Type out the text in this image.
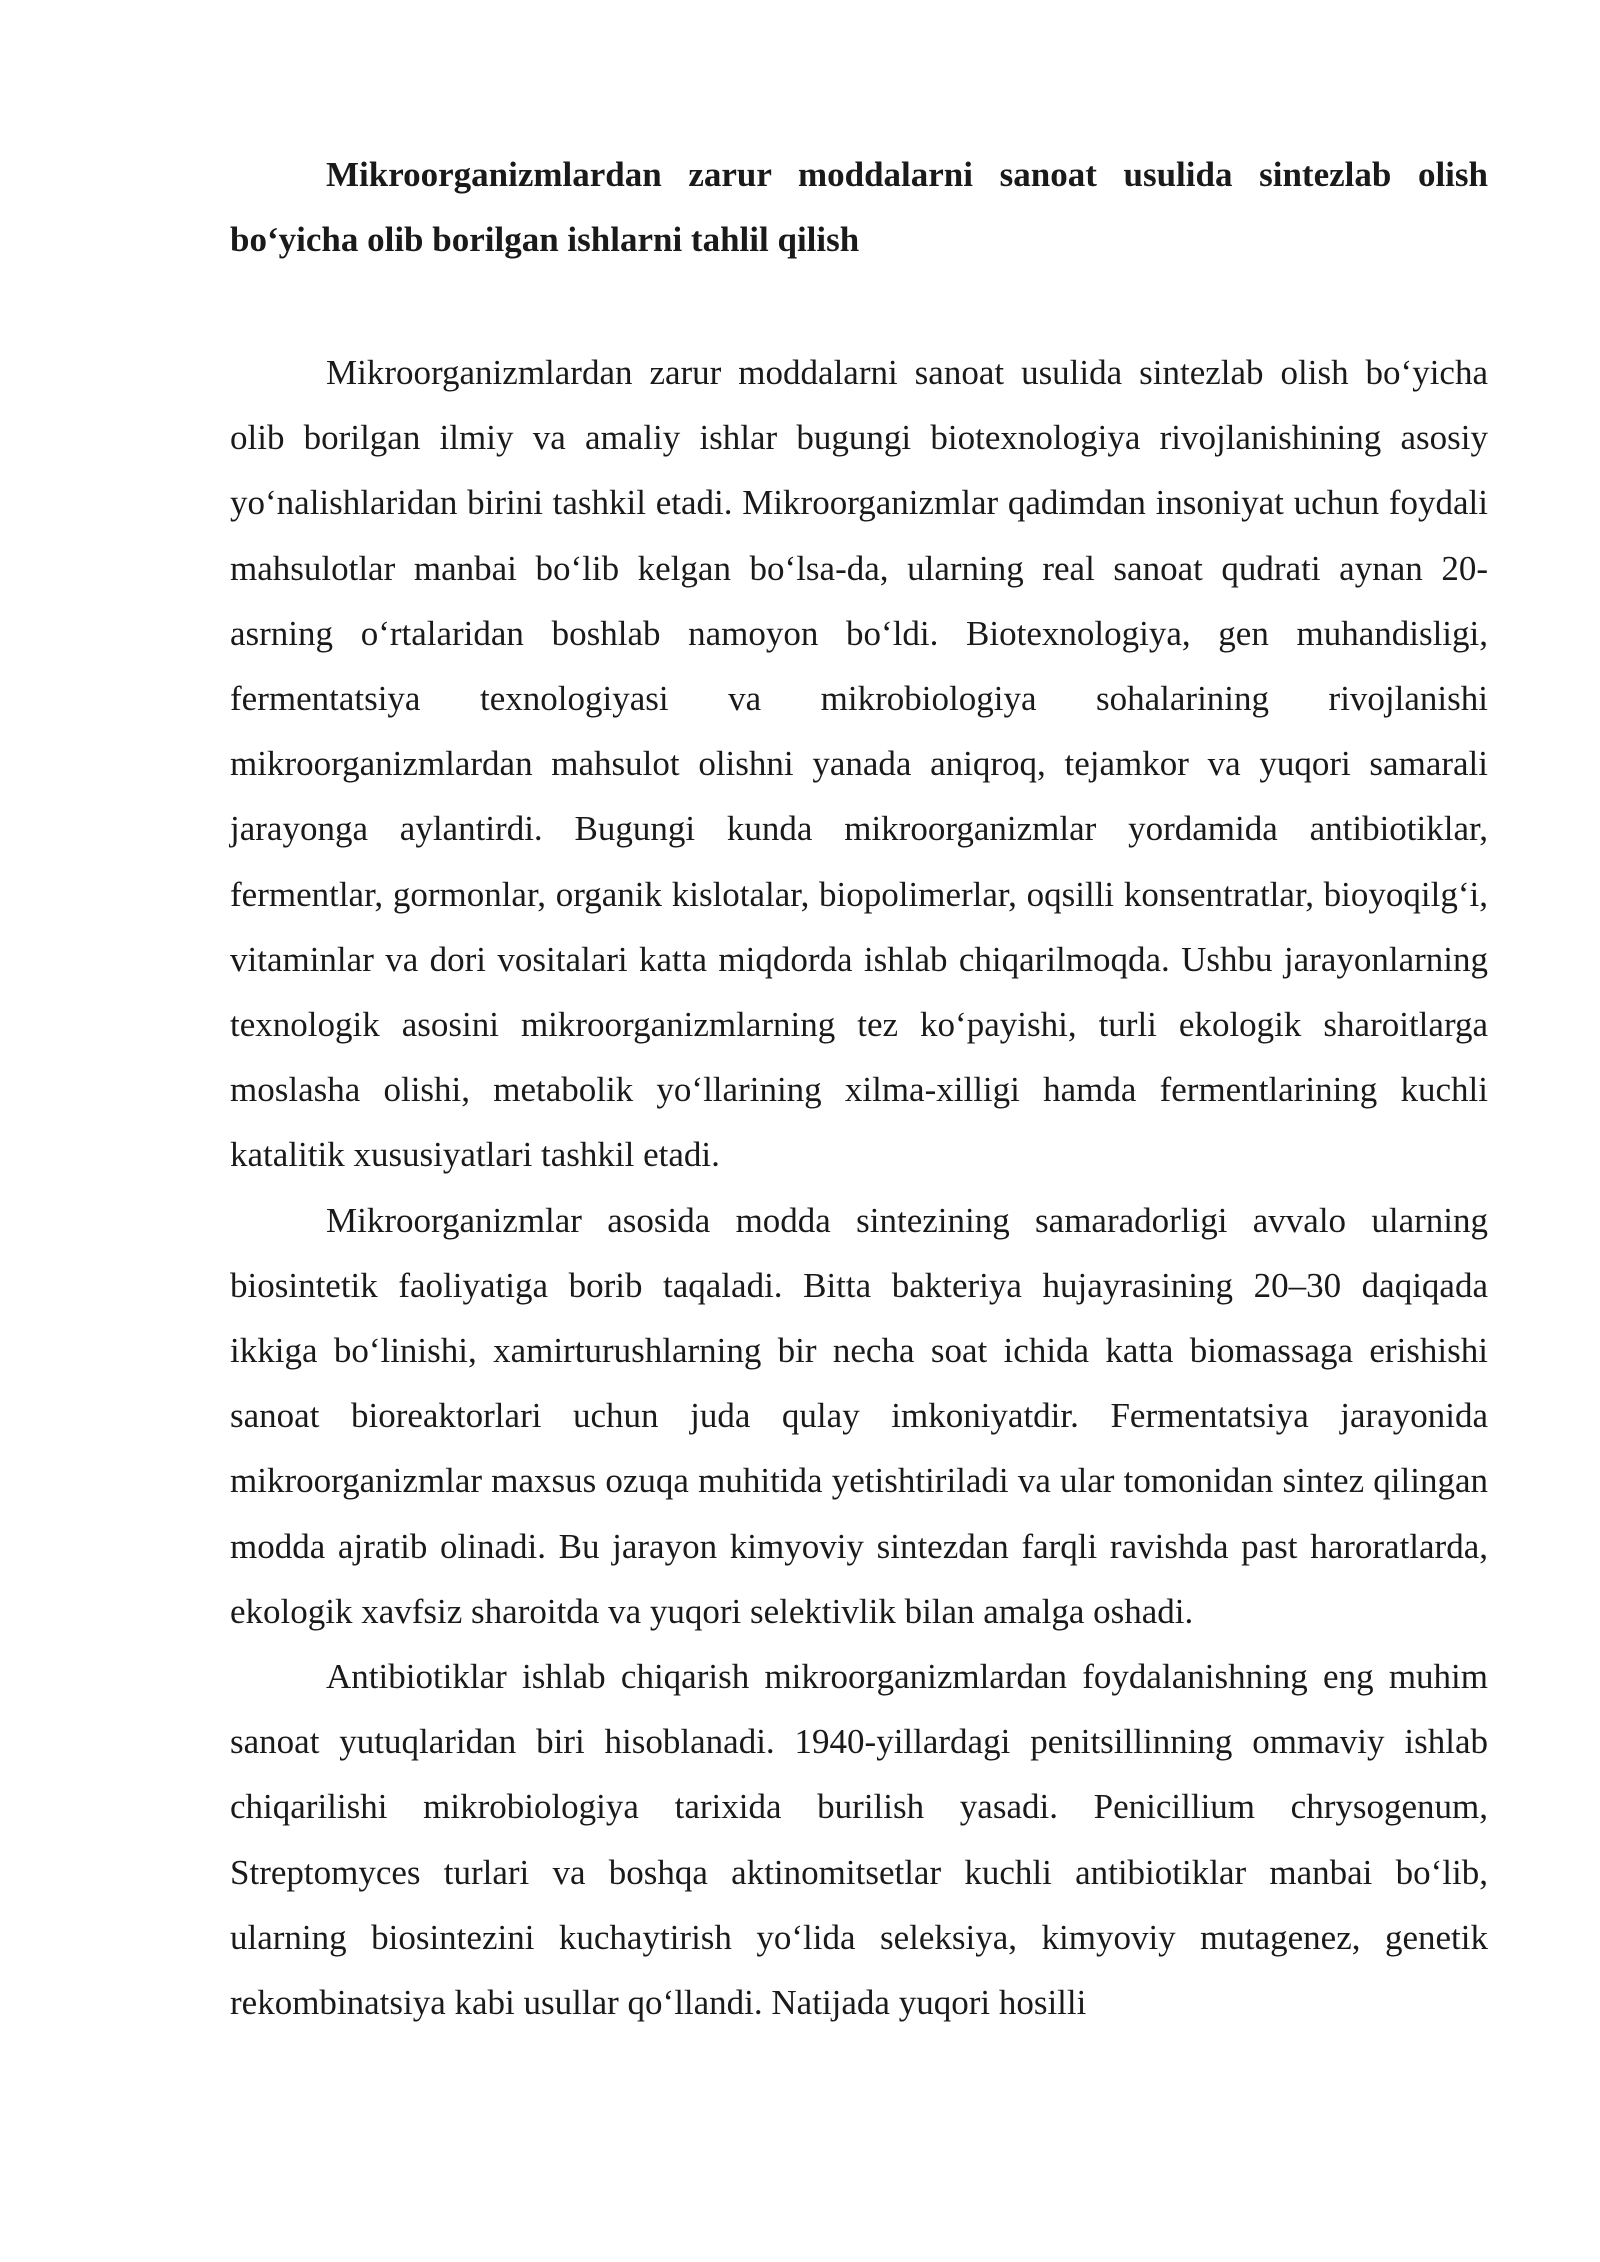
Mikroorganizmlardan zarur moddalarni sanoat usulida sintezlab olish bo‘yicha olib borilgan ishlarni tahlil qilish

Mikroorganizmlardan zarur moddalarni sanoat usulida sintezlab olish bo‘yicha olib borilgan ilmiy va amaliy ishlar bugungi biotexnologiya rivojlanishining asosiy yo‘nalishlaridan birini tashkil etadi. Mikroorganizmlar qadimdan insoniyat uchun foydali mahsulotlar manbai bo‘lib kelgan bo‘lsa-da, ularning real sanoat qudrati aynan 20-asrning o‘rtalaridan boshlab namoyon bo‘ldi. Biotexnologiya, gen muhandisligi, fermentatsiya texnologiyasi va mikrobiologiya sohalarining rivojlanishi mikroorganizmlardan mahsulot olishni yanada aniqroq, tejamkor va yuqori samarali jarayonga aylantirdi. Bugungi kunda mikroorganizmlar yordamida antibiotiklar, fermentlar, gormonlar, organik kislotalar, biopolimerlar, oqsilli konsentratlar, bioyoqilg‘i, vitaminlar va dori vositalari katta miqdorda ishlab chiqarilmoqda. Ushbu jarayonlarning texnologik asosini mikroorganizmlarning tez ko‘payishi, turli ekologik sharoitlarga moslasha olishi, metabolik yo‘llarining xilma-xilligi hamda fermentlarining kuchli katalitik xususiyatlari tashkil etadi.

Mikroorganizmlar asosida modda sintezining samaradorligi avvalo ularning biosintetik faoliyatiga borib taqaladi. Bitta bakteriya hujayrasining 20–30 daqiqada ikkiga bo‘linishi, xamirturushlarning bir necha soat ichida katta biomassaga erishishi sanoat bioreaktorlari uchun juda qulay imkoniyatdir. Fermentatsiya jarayonida mikroorganizmlar maxsus ozuqa muhitida yetishtiriladi va ular tomonidan sintez qilingan modda ajratib olinadi. Bu jarayon kimyoviy sintezdan farqli ravishda past haroratlarda, ekologik xavfsiz sharoitda va yuqori selektivlik bilan amalga oshadi.

Antibiotiklar ishlab chiqarish mikroorganizmlardan foydalanishning eng muhim sanoat yutuqlaridan biri hisoblanadi. 1940-yillardagi penitsillinning ommaviy ishlab chiqarilishi mikrobiologiya tarixida burilish yasadi. Penicillium chrysogenum, Streptomyces turlari va boshqa aktinomitsetlar kuchli antibiotiklar manbai bo‘lib, ularning biosintezini kuchaytirish yo‘lida seleksiya, kimyoviy mutagenez, genetik rekombinatsiya kabi usullar qo‘llandi. Natijada yuqori hosilli
